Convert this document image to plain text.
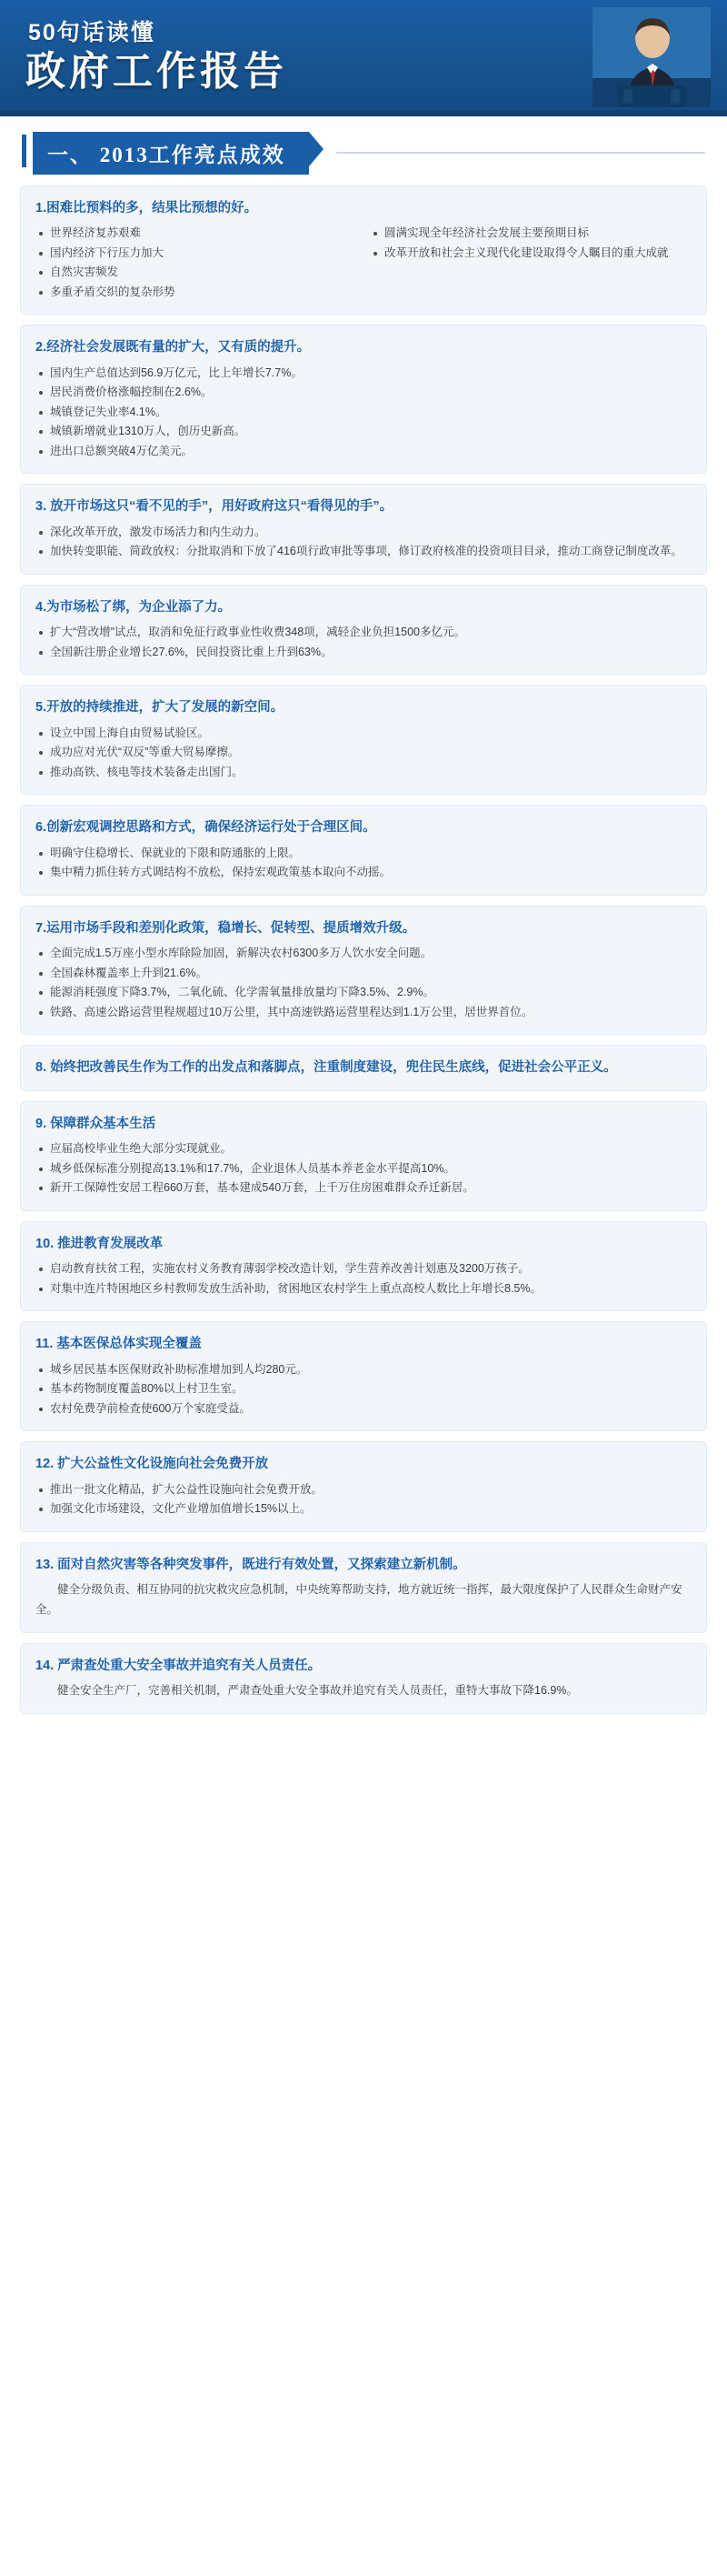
50句话读懂
政府工作报告
一、 2013工作亮点成效
1.困难比预料的多，结果比预想的好。
世界经济复苏艰难
国内经济下行压力加大
自然灾害频发
多重矛盾交织的复杂形势
圆满实现全年经济社会发展主要预期目标
改革开放和社会主义现代化建设取得令人瞩目的重大成就
2.经济社会发展既有量的扩大，又有质的提升。
国内生产总值达到56.9万亿元，比上年增长7.7%。
居民消费价格涨幅控制在2.6%。
城镇登记失业率4.1%。
城镇新增就业1310万人，创历史新高。
进出口总额突破4万亿美元。
3. 放开市场这只“看不见的手”，用好政府这只“看得见的手”。
深化改革开放，激发市场活力和内生动力。
加快转变职能、简政放权：分批取消和下放了416项行政审批等事项，修订政府核准的投资项目目录，推动工商登记制度改革。
4.为市场松了绑，为企业添了力。
扩大“营改增”试点，取消和免征行政事业性收费348项，减轻企业负担1500多亿元。
全国新注册企业增长27.6%，民间投资比重上升到63%。
5.开放的持续推进，扩大了发展的新空间。
设立中国上海自由贸易试验区。
成功应对光伏“双反”等重大贸易摩擦。
推动高铁、核电等技术装备走出国门。
6.创新宏观调控思路和方式，确保经济运行处于合理区间。
明确守住稳增长、保就业的下限和防通胀的上限。
集中精力抓住转方式调结构不放松，保持宏观政策基本取向不动摇。
7.运用市场手段和差别化政策，稳增长、促转型、提质增效升级。
全面完成1.5万座小型水库除险加固，新解决农村6300多万人饮水安全问题。
全国森林覆盖率上升到21.6%。
能源消耗强度下降3.7%，二氧化硫、化学需氧量排放量均下降3.5%、2.9%。
铁路、高速公路运营里程规超过10万公里，其中高速铁路运营里程达到1.1万公里，居世界首位。
8. 始终把改善民生作为工作的出发点和落脚点，注重制度建设，兜住民生底线，促进社会公平正义。
9. 保障群众基本生活
应届高校毕业生绝大部分实现就业。
城乡低保标准分别提高13.1%和17.7%，企业退休人员基本养老金水平提高10%。
新开工保障性安居工程660万套，基本建成540万套，上千万住房困难群众乔迁新居。
10. 推进教育发展改革
启动教育扶贫工程，实施农村义务教育薄弱学校改造计划，学生营养改善计划惠及3200万孩子。
对集中连片特困地区乡村教师发放生活补助，贫困地区农村学生上重点高校人数比上年增长8.5%。
11. 基本医保总体实现全覆盖
城乡居民基本医保财政补助标准增加到人均280元。
基本药物制度覆盖80%以上村卫生室。
农村免费孕前检查使600万个家庭受益。
12. 扩大公益性文化设施向社会免费开放
推出一批文化精品，扩大公益性设施向社会免费开放。
加强文化市场建设，文化产业增加值增长15%以上。
13. 面对自然灾害等各种突发事件，既进行有效处置，又探索建立新机制。

健全分级负责、相互协同的抗灾救灾应急机制，中央统筹帮助支持，地方就近统一指挥，最大限度保护了人民群众生命财产安全。

14. 严肃查处重大安全事故并追究有关人员责任。

健全安全生产厂，完善相关机制，严肃查处重大安全事故并追究有关人员责任，重特大事故下降16.9%。
